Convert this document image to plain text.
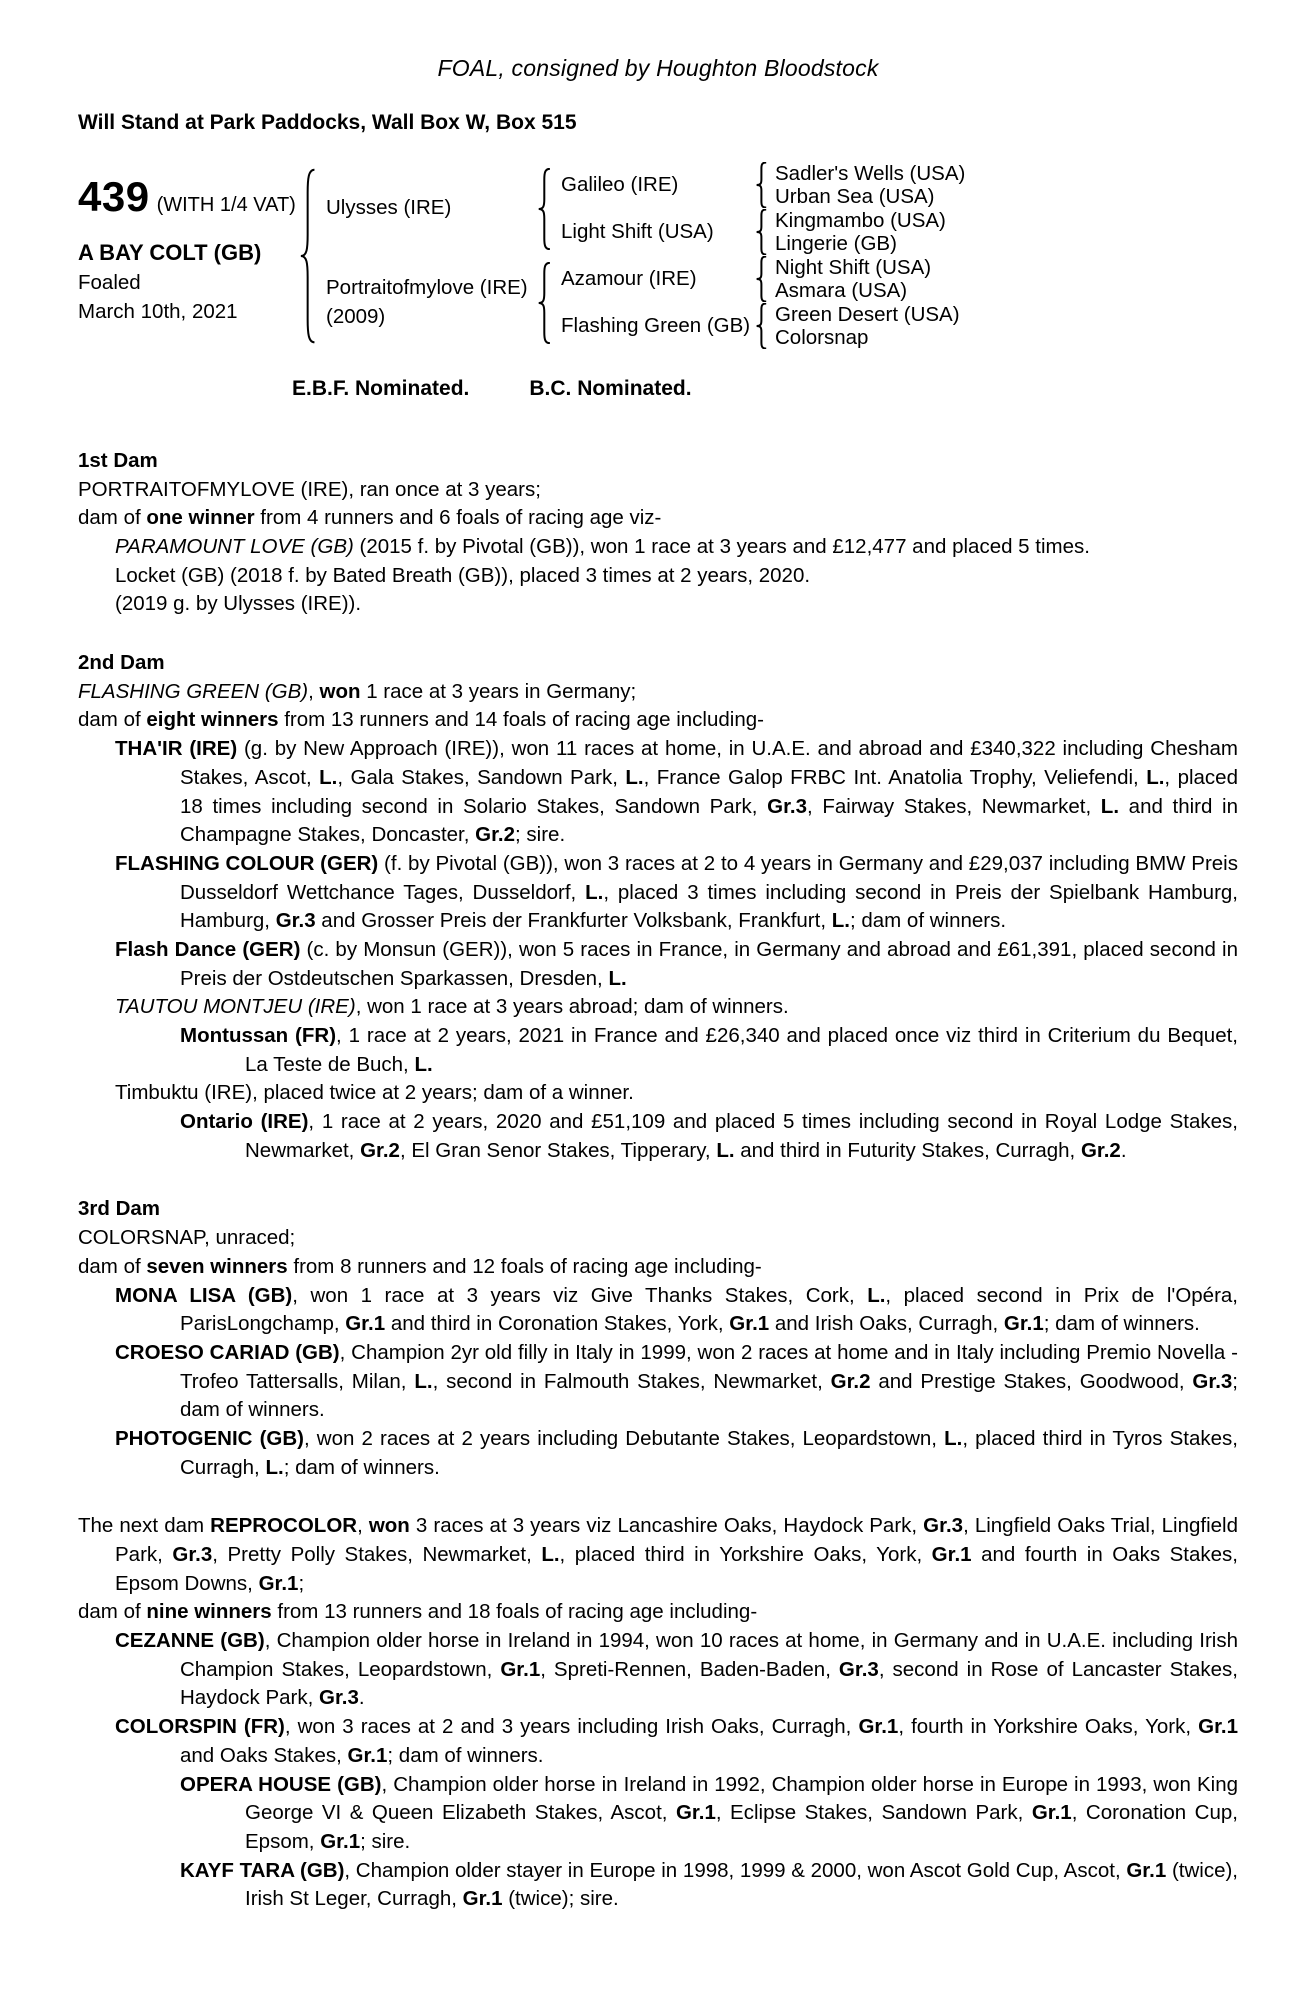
FOAL, consigned by Houghton Bloodstock
Will Stand at Park Paddocks, Wall Box W, Box 515
439 (WITH 1/4 VAT)
A BAY COLT (GB)
Foaled
March 10th, 2021
Ulysses (IRE)
Portraitofmylove (IRE)
(2009)
Galileo (IRE)
Light Shift (USA)
Azamour (IRE)
Flashing Green (GB)
Sadler's Wells (USA)
Urban Sea (USA)
Kingmambo (USA)
Lingerie (GB)
Night Shift (USA)
Asmara (USA)
Green Desert (USA)
Colorsnap
E.B.F. Nominated.	B.C. Nominated.
1st Dam

PORTRAITOFMYLOVE (IRE), ran once at 3 years;

dam of one winner from 4 runners and 6 foals of racing age viz-

PARAMOUNT LOVE (GB) (2015 f. by Pivotal (GB)), won 1 race at 3 years and £12,477 and placed 5 times.

Locket (GB) (2018 f. by Bated Breath (GB)), placed 3 times at 2 years, 2020.

(2019 g. by Ulysses (IRE)).

2nd Dam

FLASHING GREEN (GB), won 1 race at 3 years in Germany;

dam of eight winners from 13 runners and 14 foals of racing age including-

THA'IR (IRE) (g. by New Approach (IRE)), won 11 races at home, in U.A.E. and abroad and £340,322 including Chesham Stakes, Ascot, L., Gala Stakes, Sandown Park, L., France Galop FRBC Int. Anatolia Trophy, Veliefendi, L., placed 18 times including second in Solario Stakes, Sandown Park, Gr.3, Fairway Stakes, Newmarket, L. and third in Champagne Stakes, Doncaster, Gr.2; sire.

FLASHING COLOUR (GER) (f. by Pivotal (GB)), won 3 races at 2 to 4 years in Germany and £29,037 including BMW Preis Dusseldorf Wettchance Tages, Dusseldorf, L., placed 3 times including second in Preis der Spielbank Hamburg, Hamburg, Gr.3 and Grosser Preis der Frankfurter Volksbank, Frankfurt, L.; dam of winners.

Flash Dance (GER) (c. by Monsun (GER)), won 5 races in France, in Germany and abroad and £61,391, placed second in Preis der Ostdeutschen Sparkassen, Dresden, L.

TAUTOU MONTJEU (IRE), won 1 race at 3 years abroad; dam of winners.

Montussan (FR), 1 race at 2 years, 2021 in France and £26,340 and placed once viz third in Criterium du Bequet, La Teste de Buch, L.

Timbuktu (IRE), placed twice at 2 years; dam of a winner.

Ontario (IRE), 1 race at 2 years, 2020 and £51,109 and placed 5 times including second in Royal Lodge Stakes, Newmarket, Gr.2, El Gran Senor Stakes, Tipperary, L. and third in Futurity Stakes, Curragh, Gr.2.

3rd Dam

COLORSNAP, unraced;

dam of seven winners from 8 runners and 12 foals of racing age including-

MONA LISA (GB), won 1 race at 3 years viz Give Thanks Stakes, Cork, L., placed second in Prix de l'Opéra, ParisLongchamp, Gr.1 and third in Coronation Stakes, York, Gr.1 and Irish Oaks, Curragh, Gr.1; dam of winners.

CROESO CARIAD (GB), Champion 2yr old filly in Italy in 1999, won 2 races at home and in Italy including Premio Novella - Trofeo Tattersalls, Milan, L., second in Falmouth Stakes, Newmarket, Gr.2 and Prestige Stakes, Goodwood, Gr.3; dam of winners.

PHOTOGENIC (GB), won 2 races at 2 years including Debutante Stakes, Leopardstown, L., placed third in Tyros Stakes, Curragh, L.; dam of winners.

The next dam REPROCOLOR, won 3 races at 3 years viz Lancashire Oaks, Haydock Park, Gr.3, Lingfield Oaks Trial, Lingfield Park, Gr.3, Pretty Polly Stakes, Newmarket, L., placed third in Yorkshire Oaks, York, Gr.1 and fourth in Oaks Stakes, Epsom Downs, Gr.1;

dam of nine winners from 13 runners and 18 foals of racing age including-

CEZANNE (GB), Champion older horse in Ireland in 1994, won 10 races at home, in Germany and in U.A.E. including Irish Champion Stakes, Leopardstown, Gr.1, Spreti-Rennen, Baden-Baden, Gr.3, second in Rose of Lancaster Stakes, Haydock Park, Gr.3.

COLORSPIN (FR), won 3 races at 2 and 3 years including Irish Oaks, Curragh, Gr.1, fourth in Yorkshire Oaks, York, Gr.1 and Oaks Stakes, Gr.1; dam of winners.

OPERA HOUSE (GB), Champion older horse in Ireland in 1992, Champion older horse in Europe in 1993, won King George VI & Queen Elizabeth Stakes, Ascot, Gr.1, Eclipse Stakes, Sandown Park, Gr.1, Coronation Cup, Epsom, Gr.1; sire.

KAYF TARA (GB), Champion older stayer in Europe in 1998, 1999 & 2000, won Ascot Gold Cup, Ascot, Gr.1 (twice), Irish St Leger, Curragh, Gr.1 (twice); sire.
